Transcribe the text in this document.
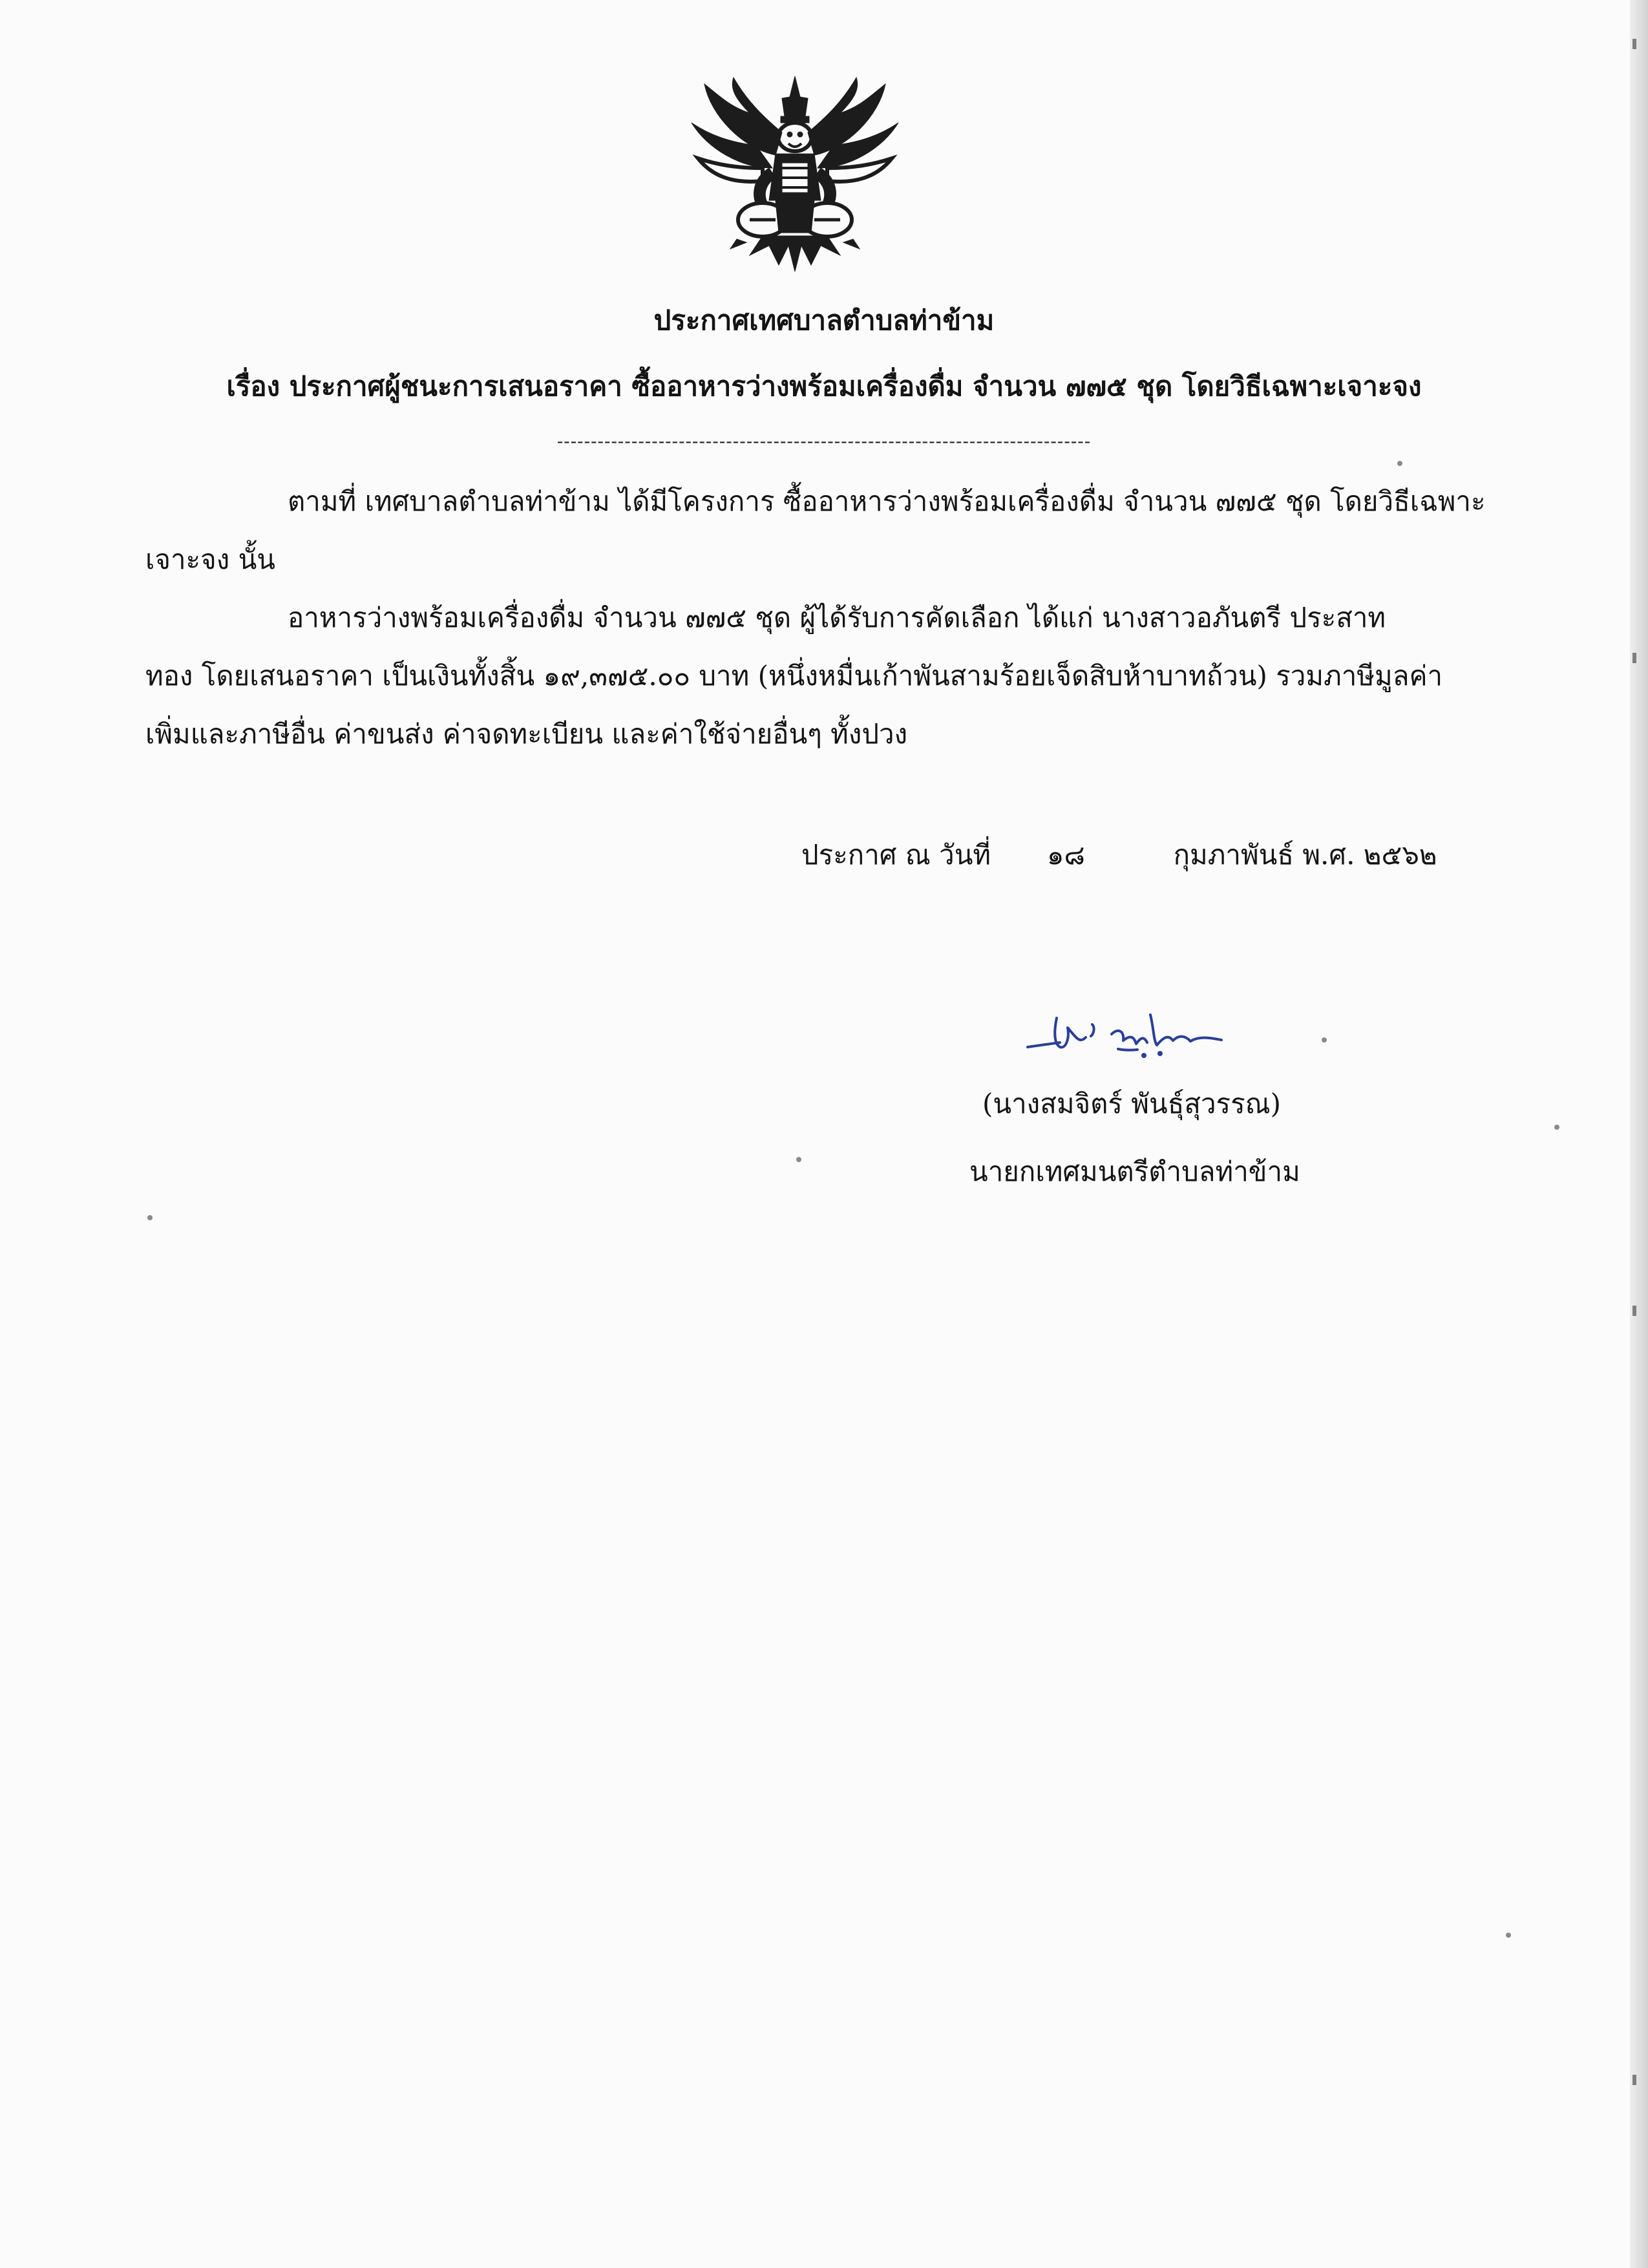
ประกาศเทศบาลตำบลท่าข้าม
เรื่อง ประกาศผู้ชนะการเสนอราคา ซื้ออาหารว่างพร้อมเครื่องดื่ม จำนวน ๗๗๕ ชุด โดยวิธีเฉพาะเจาะจง
-------------------------------------------------------------------------------
ตามที่ เทศบาลตำบลท่าข้าม ได้มีโครงการ ซื้ออาหารว่างพร้อมเครื่องดื่ม จำนวน ๗๗๕ ชุด โดยวิธีเฉพาะ
เจาะจง นั้น
อาหารว่างพร้อมเครื่องดื่ม จำนวน ๗๗๕ ชุด ผู้ได้รับการคัดเลือก ได้แก่ นางสาวอภันตรี ประสาท
ทอง โดยเสนอราคา เป็นเงินทั้งสิ้น ๑๙,๓๗๕.๐๐ บาท (หนึ่งหมื่นเก้าพันสามร้อยเจ็ดสิบห้าบาทถ้วน) รวมภาษีมูลค่า
เพิ่มและภาษีอื่น ค่าขนส่ง ค่าจดทะเบียน และค่าใช้จ่ายอื่นๆ ทั้งปวง
ประกาศ ณ วันที่ ๑๘	กุมภาพันธ์ พ.ศ. ๒๕๖๒
(นางสมจิตร์ พันธุ์สุวรรณ)
นายกเทศมนตรีตำบลท่าข้าม
